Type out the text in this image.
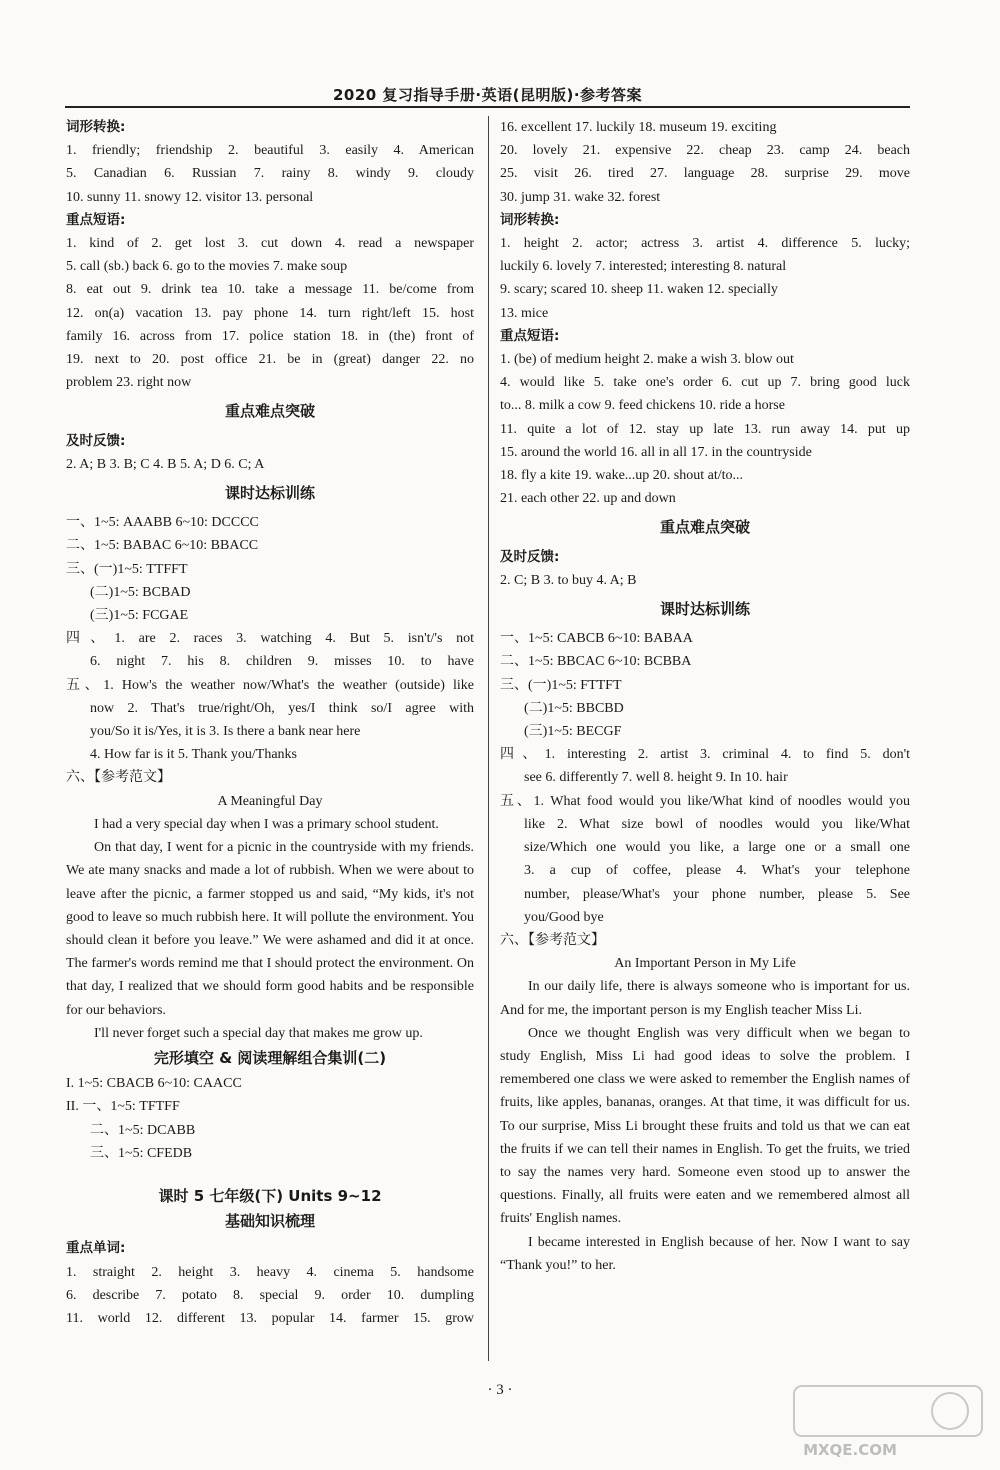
2020 复习指导手册·英语(昆明版)·参考答案
词形转换:
1. friendly; friendship 2. beautiful 3. easily 4. American
5. Canadian 6. Russian 7. rainy 8. windy 9. cloudy
10. sunny 11. snowy 12. visitor 13. personal
重点短语:
1. kind of 2. get lost 3. cut down 4. read a newspaper
5. call (sb.) back 6. go to the movies 7. make soup
8. eat out 9. drink tea 10. take a message 11. be/come from
12. on(a) vacation 13. pay phone 14. turn right/left 15. host
family 16. across from 17. police station 18. in (the) front of
19. next to 20. post office 21. be in (great) danger 22. no
problem 23. right now
重点难点突破
及时反馈:
2. A; B 3. B; C 4. B 5. A; D 6. C; A
课时达标训练
一、1~5: AAABB 6~10: DCCCC
二、1~5: BABAC 6~10: BBACC
三、(一)1~5: TTFFT
(二)1~5: BCBAD
(三)1~5: FCGAE
四、1. are 2. races 3. watching 4. But 5. isn't/'s not
6. night 7. his 8. children 9. misses 10. to have
五、1. How's the weather now/What's the weather (outside) like
now 2. That's true/right/Oh, yes/I think so/I agree with
you/So it is/Yes, it is 3. Is there a bank near here
4. How far is it 5. Thank you/Thanks
六、【参考范文】
A Meaningful Day
I had a very special day when I was a primary school student.
On that day, I went for a picnic in the countryside with my friends. We ate many snacks and made a lot of rubbish. When we were about to leave after the picnic, a farmer stopped us and said, “My kids, it's not good to leave so much rubbish here. It will pollute the environment. You should clean it before you leave.” We were ashamed and did it at once. The farmer's words remind me that I should protect the environment. On that day, I realized that we should form good habits and be responsible for our behaviors.
I'll never forget such a special day that makes me grow up.
完形填空 & 阅读理解组合集训(二)
I. 1~5: CBACB 6~10: CAACC
II. 一、1~5: TFTFF
二、1~5: DCABB
三、1~5: CFEDB
课时 5 七年级(下) Units 9~12
基础知识梳理
重点单词:
1. straight 2. height 3. heavy 4. cinema 5. handsome
6. describe 7. potato 8. special 9. order 10. dumpling
11. world 12. different 13. popular 14. farmer 15. grow
16. excellent 17. luckily 18. museum 19. exciting
20. lovely 21. expensive 22. cheap 23. camp 24. beach
25. visit 26. tired 27. language 28. surprise 29. move
30. jump 31. wake 32. forest
词形转换:
1. height 2. actor; actress 3. artist 4. difference 5. lucky;
luckily 6. lovely 7. interested; interesting 8. natural
9. scary; scared 10. sheep 11. waken 12. specially
13. mice
重点短语:
1. (be) of medium height 2. make a wish 3. blow out
4. would like 5. take one's order 6. cut up 7. bring good luck
to... 8. milk a cow 9. feed chickens 10. ride a horse
11. quite a lot of 12. stay up late 13. run away 14. put up
15. around the world 16. all in all 17. in the countryside
18. fly a kite 19. wake...up 20. shout at/to...
21. each other 22. up and down
重点难点突破
及时反馈:
2. C; B 3. to buy 4. A; B
课时达标训练
一、1~5: CABCB 6~10: BABAA
二、1~5: BBCAC 6~10: BCBBA
三、(一)1~5: FTTFT
(二)1~5: BBCBD
(三)1~5: BECGF
四、1. interesting 2. artist 3. criminal 4. to find 5. don't
see 6. differently 7. well 8. height 9. In 10. hair
五、1. What food would you like/What kind of noodles would you
like 2. What size bowl of noodles would you like/What
size/Which one would you like, a large one or a small one
3. a cup of coffee, please 4. What's your telephone
number, please/What's your phone number, please 5. See
you/Good bye
六、【参考范文】
An Important Person in My Life
In our daily life, there is always someone who is important for us. And for me, the important person is my English teacher Miss Li.
Once we thought English was very difficult when we began to study English, Miss Li had good ideas to solve the problem. I remembered one class we were asked to remember the English names of fruits, like apples, bananas, oranges. At that time, it was difficult for us. To our surprise, Miss Li brought these fruits and told us that we can eat the fruits if we can tell their names in English. To get the fruits, we tried to say the names very hard. Someone even stood up to answer the questions. Finally, all fruits were eaten and we remembered almost all fruits' English names.
I became interested in English because of her. Now I want to say “Thank you!” to her.
· 3 ·
MXQE.COM
